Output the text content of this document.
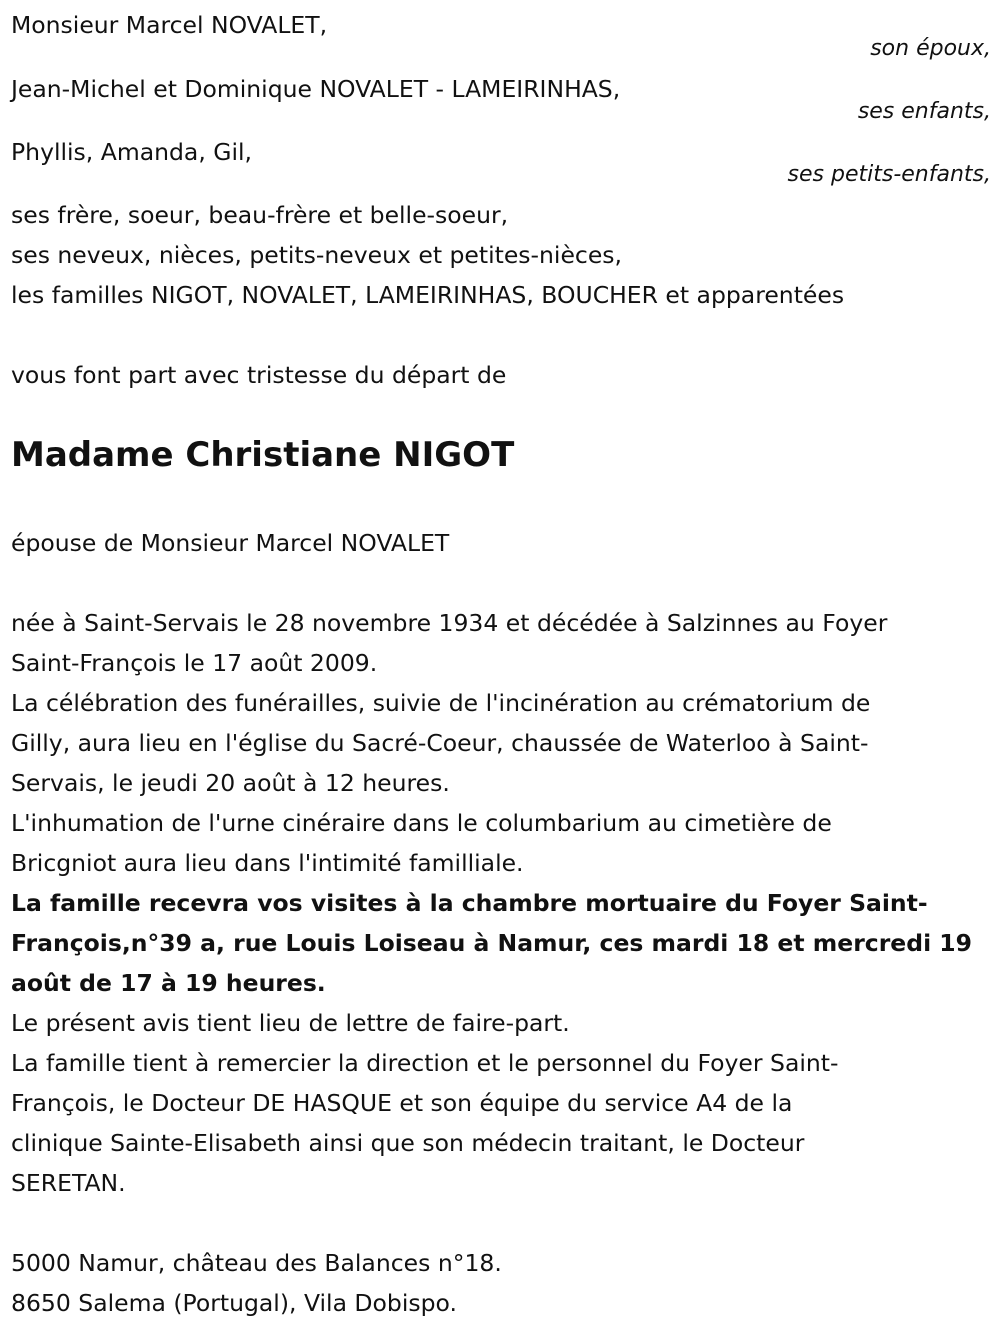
Monsieur Marcel NOVALET,
son époux,
Jean-Michel et Dominique NOVALET - LAMEIRINHAS,
ses enfants,
Phyllis, Amanda, Gil,
ses petits-enfants,
ses frère, soeur, beau-frère et belle-soeur,
ses neveux, nièces, petits-neveux et petites-nièces,
les familles NIGOT, NOVALET, LAMEIRINHAS, BOUCHER et apparentées
vous font part avec tristesse du départ de
Madame Christiane NIGOT
épouse de Monsieur Marcel NOVALET
née à Saint-Servais le 28 novembre 1934 et décédée à Salzinnes au Foyer
Saint-François le 17 août 2009.
La célébration des funérailles, suivie de l'incinération au crématorium de
Gilly, aura lieu en l'église du Sacré-Coeur, chaussée de Waterloo à Saint-
Servais, le jeudi 20 août à 12 heures.
L'inhumation de l'urne cinéraire dans le columbarium au cimetière de
Bricgniot aura lieu dans l'intimité familliale.
La famille recevra vos visites à la chambre mortuaire du Foyer Saint-
François,n°39 a, rue Louis Loiseau à Namur, ces mardi 18 et mercredi 19
août de 17 à 19 heures.
Le présent avis tient lieu de lettre de faire-part.
La famille tient à remercier la direction et le personnel du Foyer Saint-
François, le Docteur DE HASQUE et son équipe du service A4 de la
clinique Sainte-Elisabeth ainsi que son médecin traitant, le Docteur
SERETAN.
5000 Namur, château des Balances n°18.
8650 Salema (Portugal), Vila Dobispo.
